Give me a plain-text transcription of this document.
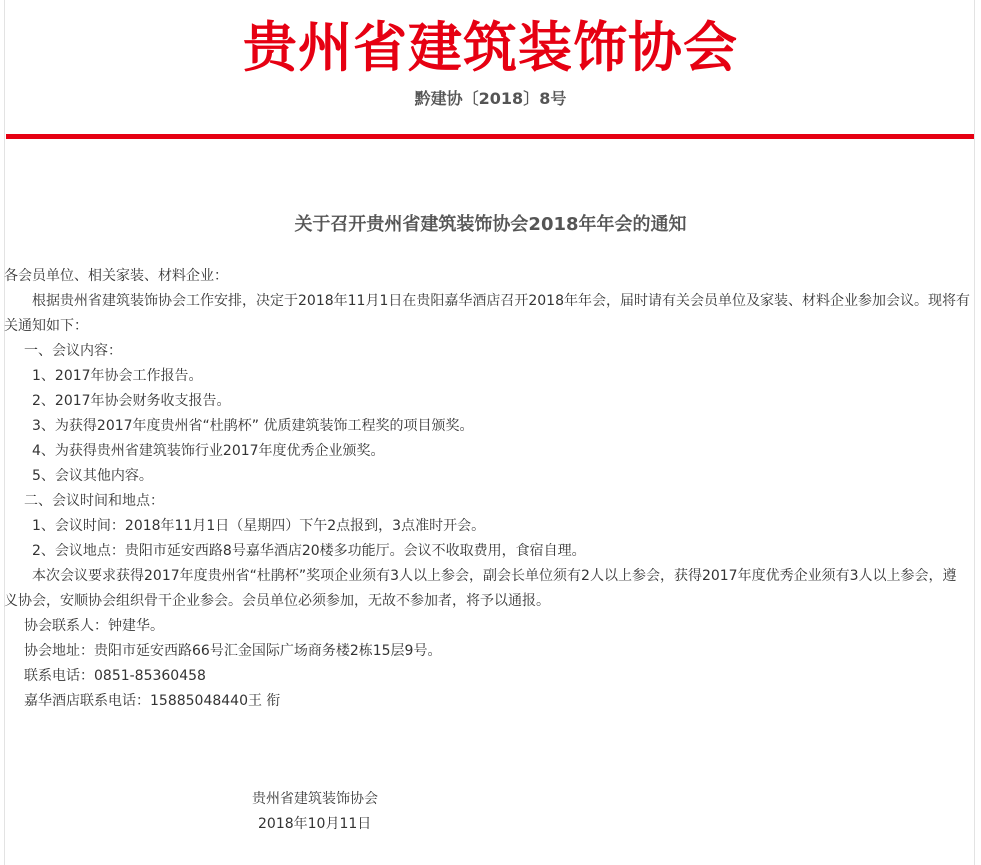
贵州省建筑装饰协会
黔建协〔2018〕8号
关于召开贵州省建筑装饰协会2018年年会的通知

各会员单位、相关家装、材料企业：

根据贵州省建筑装饰协会工作安排，决定于2018年11月1日在贵阳嘉华酒店召开2018年年会，届时请有关会员单位及家装、材料企业参加会议。现将有关通知如下：

一、会议内容：

1、2017年协会工作报告。

2、2017年协会财务收支报告。

3、为获得2017年度贵州省“杜鹃杯” 优质建筑装饰工程奖的项目颁奖。

4、为获得贵州省建筑装饰行业2017年度优秀企业颁奖。

5、会议其他内容。

二、会议时间和地点：

1、会议时间：2018年11月1日（星期四）下午2点报到，3点准时开会。

2、会议地点：贵阳市延安西路8号嘉华酒店20楼多功能厅。会议不收取费用，食宿自理。

本次会议要求获得2017年度贵州省“杜鹃杯”奖项企业须有3人以上参会，副会长单位须有2人以上参会，获得2017年度优秀企业须有3人以上参会，遵义协会，安顺协会组织骨干企业参会。会员单位必须参加，无故不参加者，将予以通报。

协会联系人：钟建华。

协会地址：贵阳市延安西路66号汇金国际广场商务楼2栋15层9号。

联系电话：0851-85360458

嘉华酒店联系电话：15885048440王 衔

贵州省建筑装饰协会

2018年10月11日
